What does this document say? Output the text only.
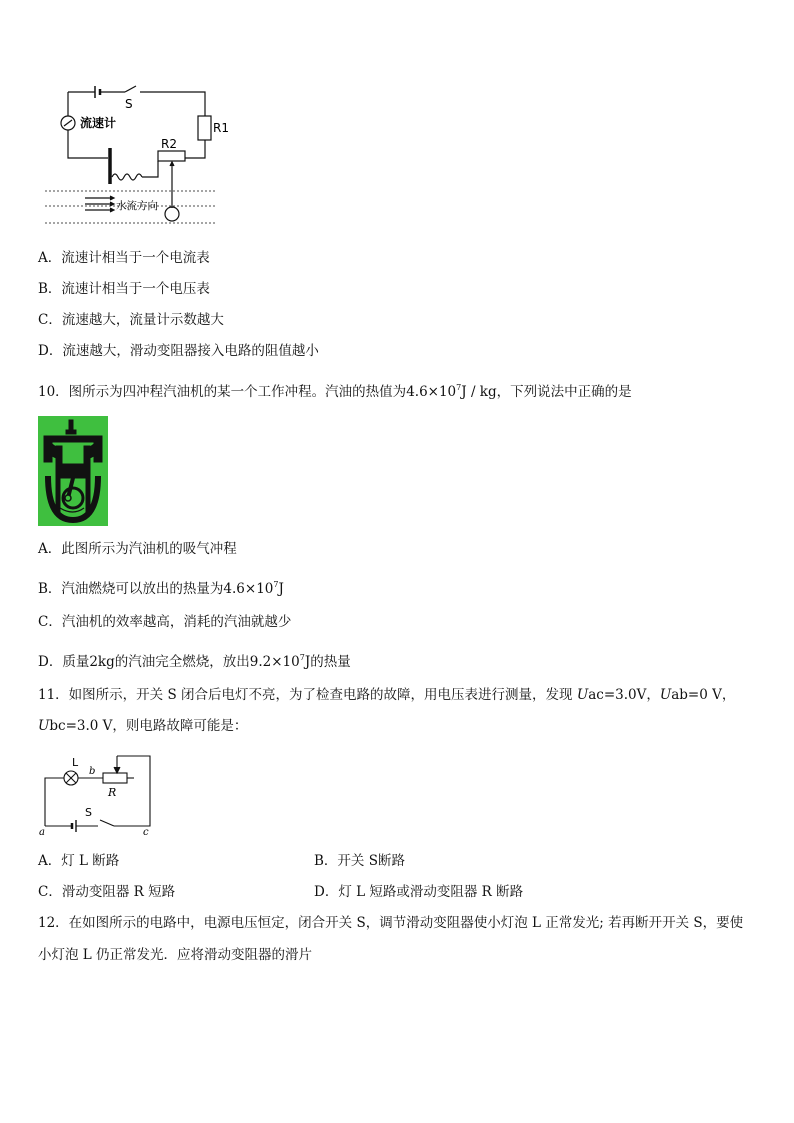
S
流速计	R1
R2
水流方向
A．流速计相当于一个电流表
B．流速计相当于一个电压表
C．流速越大，流量计示数越大
D．流速越大，滑动变阻器接入电路的阻值越小
10．图所示为四冲程汽油机的某一个工作冲程。汽油的热值为$4.6\times 10^7J$ / kg，下列说法中正确的是
A．此图所示为汽油机的吸气冲程
B．汽油燃烧可以放出的热量为$4.6\times 10^7J$
C．汽油机的效率越高，消耗的汽油就越少
D．质量2kg的汽油完全燃烧，放出$9.2\times 10^7J$的热量
11．如图所示，开关 S 闭合后电灯不亮，为了检查电路的故障，用电压表进行测量，发现 Uac=3.0V，Uab=0 V，
Ubc=3.0 V，则电路故障可能是：
L
b
R
S
a	c
A．灯 L 断路	B．开关 S断路
C．滑动变阻器 R 短路	D．灯 L 短路或滑动变阻器 R 断路
12．在如图所示的电路中，电源电压恒定，闭合开关 S，调节滑动变阻器使小灯泡 L 正常发光; 若再断开开关 S，要使
小灯泡 L 仍正常发光．应将滑动变阻器的滑片
